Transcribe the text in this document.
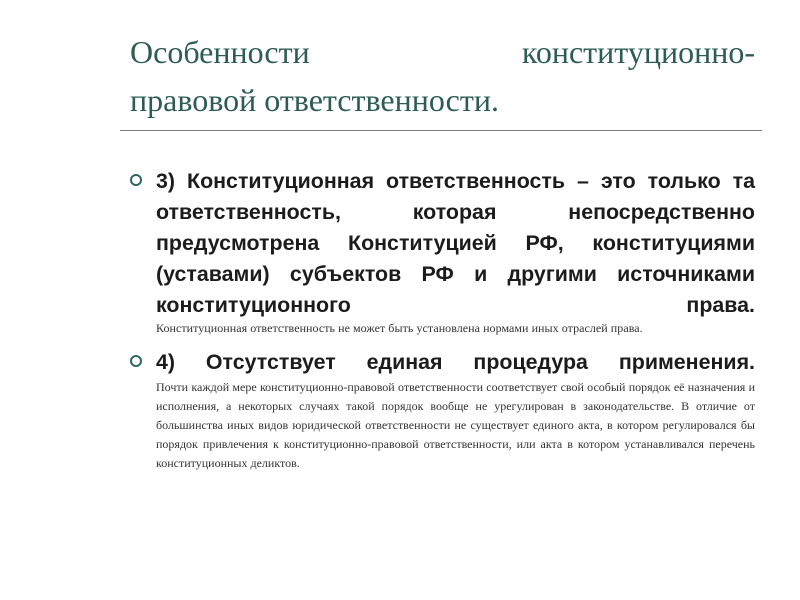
Особенности	конституционно-
правовой ответственности.
3) Конституционная ответственность – это только та ответственность, которая непосредственно предусмотрена Конституцией РФ, конституциями (уставами) субъектов РФ и другими источниками конституционного права.
Конституционная ответственность не может быть установлена нормами иных отраслей права.
4) Отсутствует единая процедура применения.
Почти каждой мере конституционно-правовой ответственности соответствует свой особый порядок её назначения и исполнения, а некоторых случаях такой порядок вообще не урегулирован в законодательстве. В отличие от большинства иных видов юридической ответственности не существует единого акта, в котором регулировался бы порядок привлечения к конституционно-правовой ответственности, или акта в котором устанавливался перечень конституционных деликтов.
